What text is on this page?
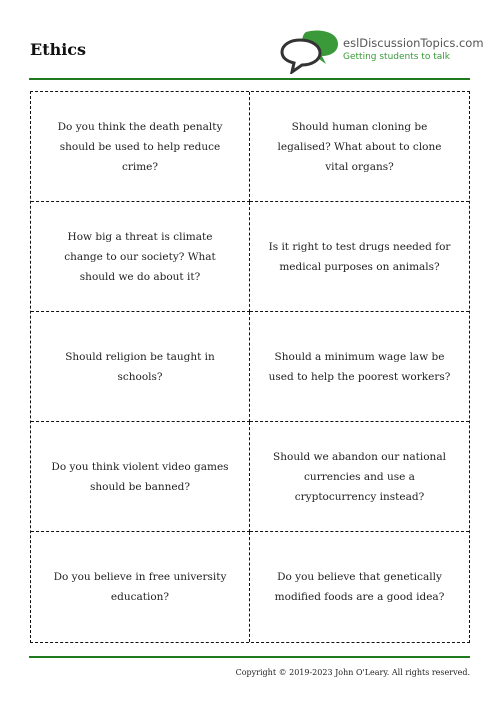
Ethics	eslDiscussionTopics.com
Getting students to talk
Do you think the death penalty should be used to help reduce crime?
Should human cloning be legalised? What about to clone vital organs?
How big a threat is climate change to our society? What should we do about it?
Is it right to test drugs needed for medical purposes on animals?
Should religion be taught in schools?
Should a minimum wage law be used to help the poorest workers?
Do you think violent video games should be banned?
Should we abandon our national currencies and use a cryptocurrency instead?
Do you believe in free university education?
Do you believe that genetically modified foods are a good idea?
Copyright © 2019-2023 John O'Leary. All rights reserved.
